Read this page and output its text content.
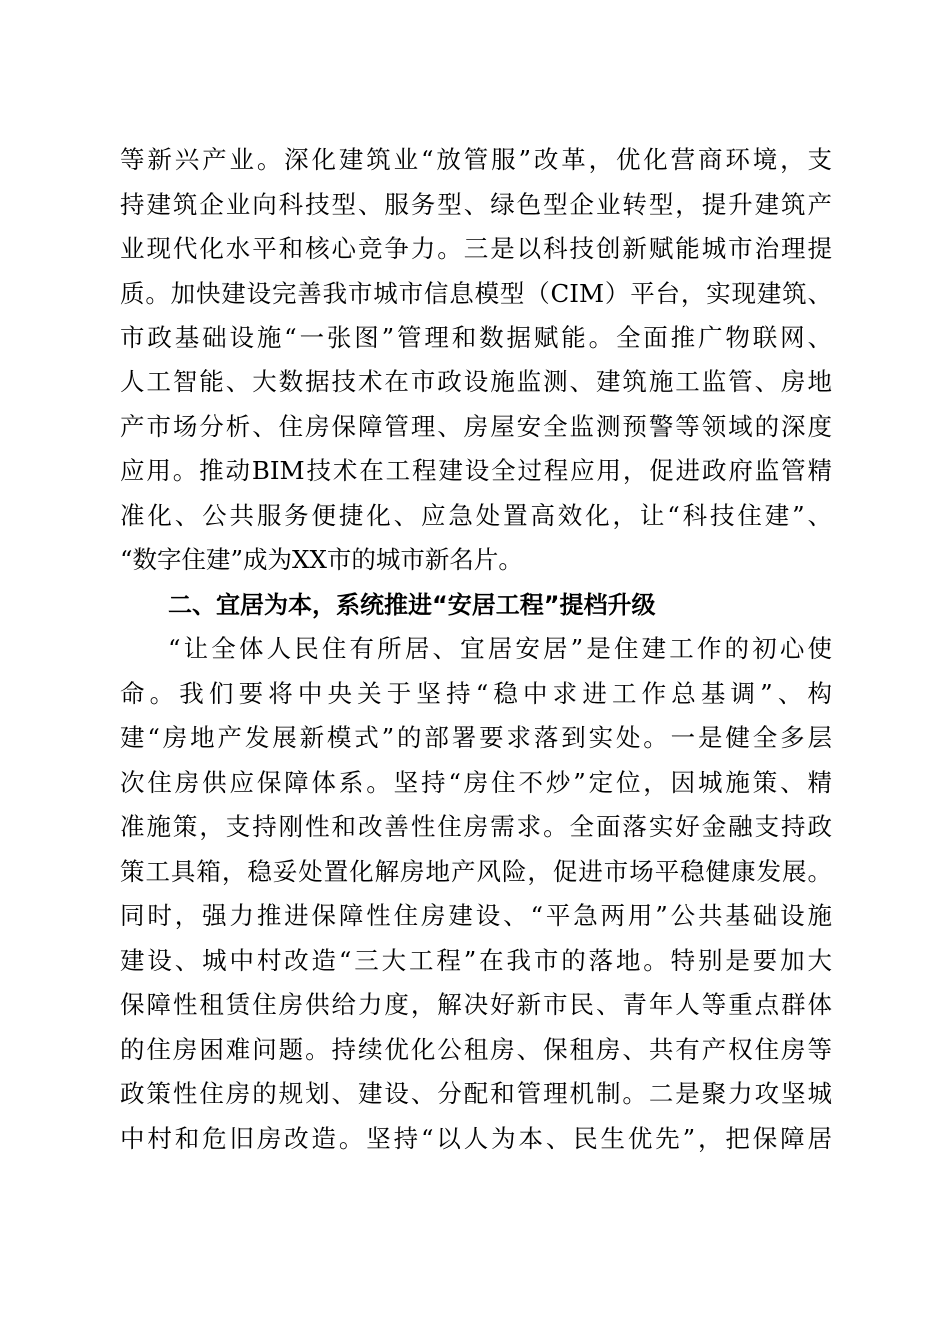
等新兴产业。深化建筑业“放管服”改革，优化营商环境，支
持建筑企业向科技型、服务型、绿色型企业转型，提升建筑产
业现代化水平和核心竞争力。三是以科技创新赋能城市治理提
质。加快建设完善我市城市信息模型（CIM）平台，实现建筑、
市政基础设施“一张图”管理和数据赋能。全面推广物联网、
人工智能、大数据技术在市政设施监测、建筑施工监管、房地
产市场分析、住房保障管理、房屋安全监测预警等领域的深度
应用。推动BIM技术在工程建设全过程应用，促进政府监管精
准化、公共服务便捷化、应急处置高效化，让“科技住建”、
“数字住建”成为XX市的城市新名片。
二、宜居为本，系统推进“安居工程”提档升级
“让全体人民住有所居、宜居安居”是住建工作的初心使
命。我们要将中央关于坚持“稳中求进工作总基调”、构
建“房地产发展新模式”的部署要求落到实处。一是健全多层
次住房供应保障体系。坚持“房住不炒”定位，因城施策、精
准施策，支持刚性和改善性住房需求。全面落实好金融支持政
策工具箱，稳妥处置化解房地产风险，促进市场平稳健康发展。
同时，强力推进保障性住房建设、“平急两用”公共基础设施
建设、城中村改造“三大工程”在我市的落地。特别是要加大
保障性租赁住房供给力度，解决好新市民、青年人等重点群体
的住房困难问题。持续优化公租房、保租房、共有产权住房等
政策性住房的规划、建设、分配和管理机制。二是聚力攻坚城
中村和危旧房改造。坚持“以人为本、民生优先”，把保障居
